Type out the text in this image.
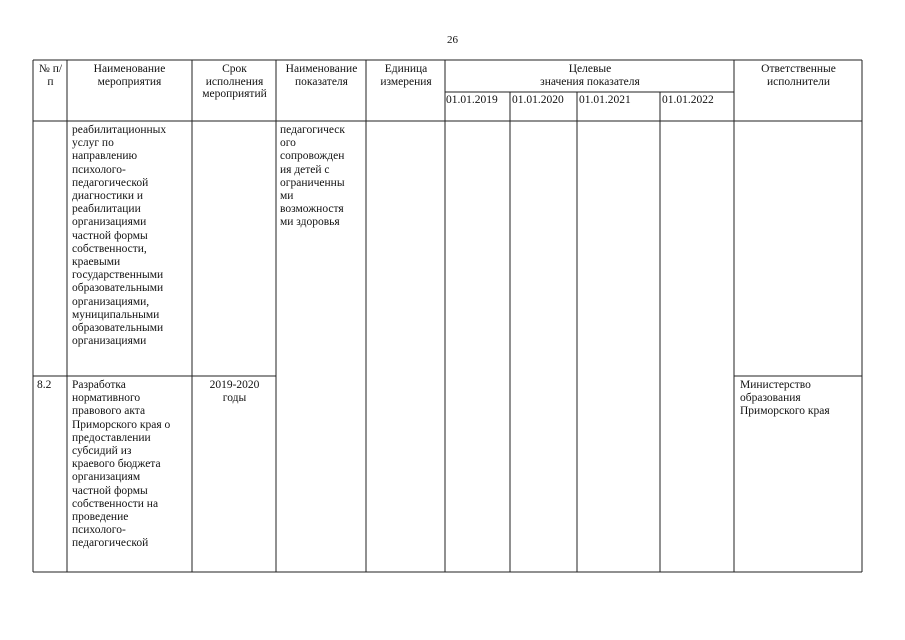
26
№ п/
п
Наименование
мероприятия
Срок
исполнения
мероприятий
Наименование
показателя
Единица
измерения
Целевые
значения показателя
Ответственные
исполнители
01.01.2019 01.01.2020 01.01.2021	01.01.2022
реабилитационных
услуг по
направлению
психолого-
педагогической
диагностики и
реабилитации
организациями
частной формы
собственности,
краевыми
государственными
образовательными
организациями,
муниципальными
образовательными
организациями
педагогическ
ого
сопровожден
ия детей с
ограниченны
ми
возможностя
ми здоровья
8.2	Разработка
нормативного
правового акта
Приморского края о
предоставлении
субсидий из
краевого бюджета
организациям
частной формы
собственности на
проведение
психолого-
педагогической
2019-2020
годы
Министерство
образования
Приморского края
